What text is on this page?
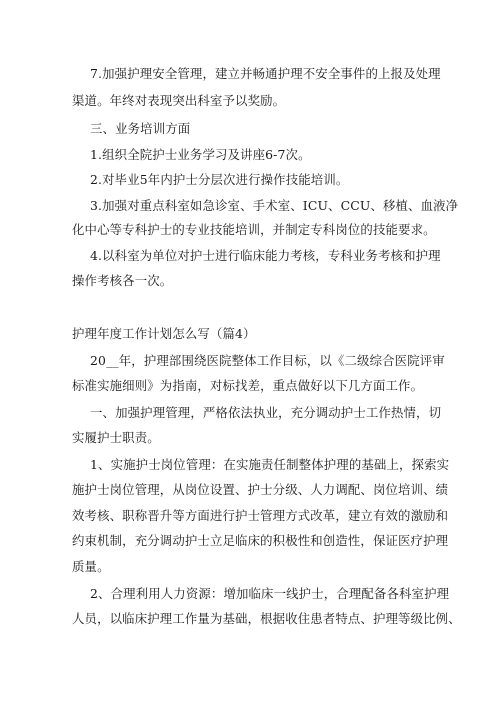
7.加强护理安全管理，建立并畅通护理不安全事件的上报及处理
渠道。年终对表现突出科室予以奖励。
三、业务培训方面
1.组织全院护士业务学习及讲座6-7次。
2.对毕业5年内护士分层次进行操作技能培训。
3.加强对重点科室如急诊室、手术室、ICU、CCU、移植、血液净
化中心等专科护士的专业技能培训，并制定专科岗位的技能要求。
4.以科室为单位对护士进行临床能力考核，专科业务考核和护理
操作考核各一次。
护理年度工作计划怎么写（篇4）
20__年，护理部围绕医院整体工作目标，以《二级综合医院评审
标准实施细则》为指南，对标找差，重点做好以下几方面工作。
一、加强护理管理，严格依法执业，充分调动护士工作热情，切
实履护士职责。
1、实施护士岗位管理：在实施责任制整体护理的基础上，探索实
施护士岗位管理，从岗位设置、护士分级、人力调配、岗位培训、绩
效考核、职称晋升等方面进行护士管理方式改革，建立有效的激励和
约束机制，充分调动护士立足临床的积极性和创造性，保证医疗护理
质量。
2、合理利用人力资源：增加临床一线护士，合理配备各科室护理
人员，以临床护理工作量为基础，根据收住患者特点、护理等级比例、
